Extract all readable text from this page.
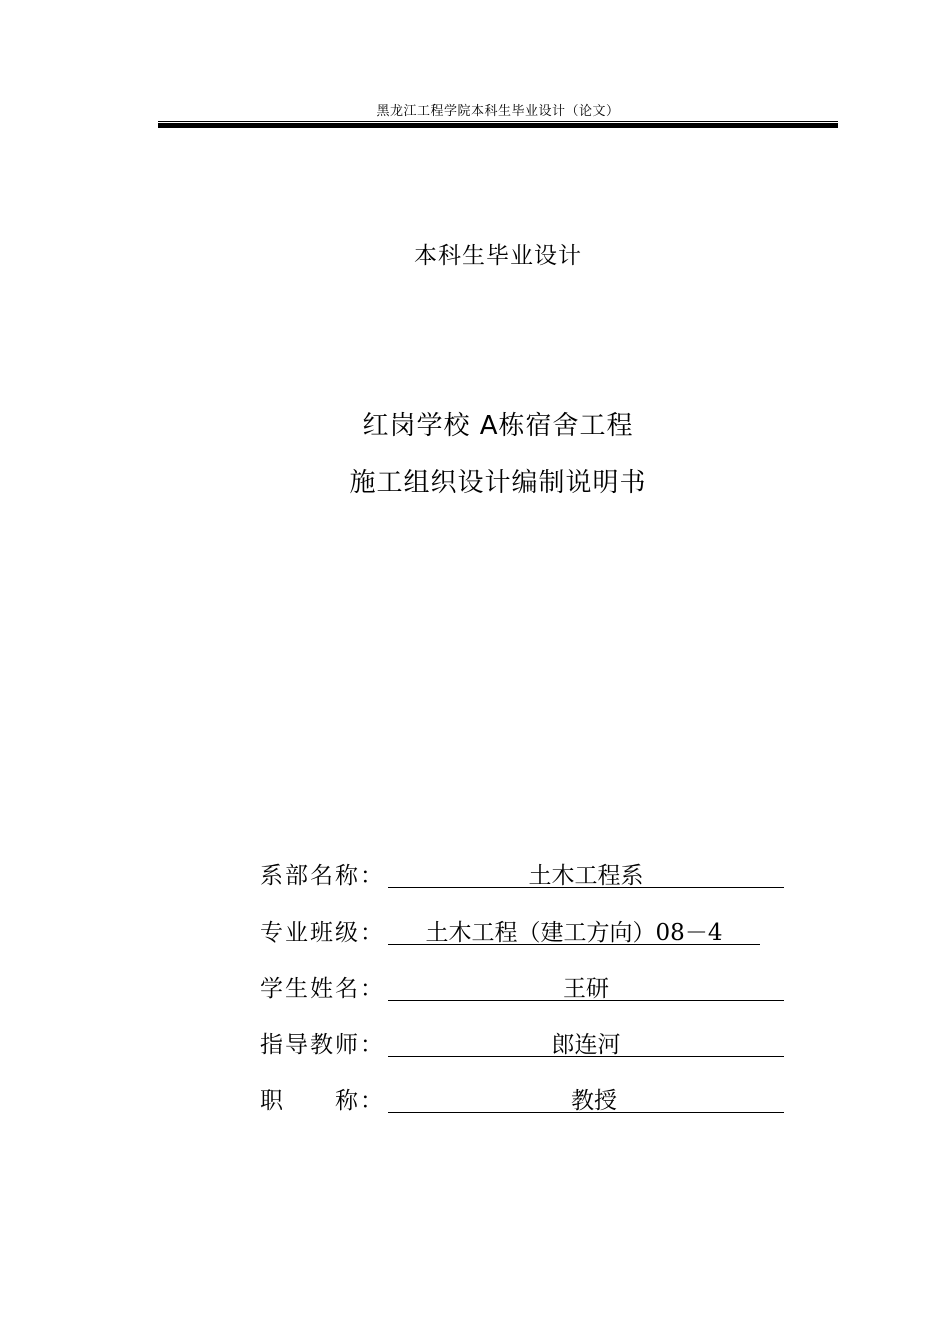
黑龙江工程学院本科生毕业设计（论文）
本科生毕业设计
红岗学校 A栋宿舍工程
施工组织设计编制说明书
系部名称：	土木工程系
专业班级：	土木工程（建工方向）08－4
学生姓名：	王研
指导教师：	郎连河
职　　称：	教授
